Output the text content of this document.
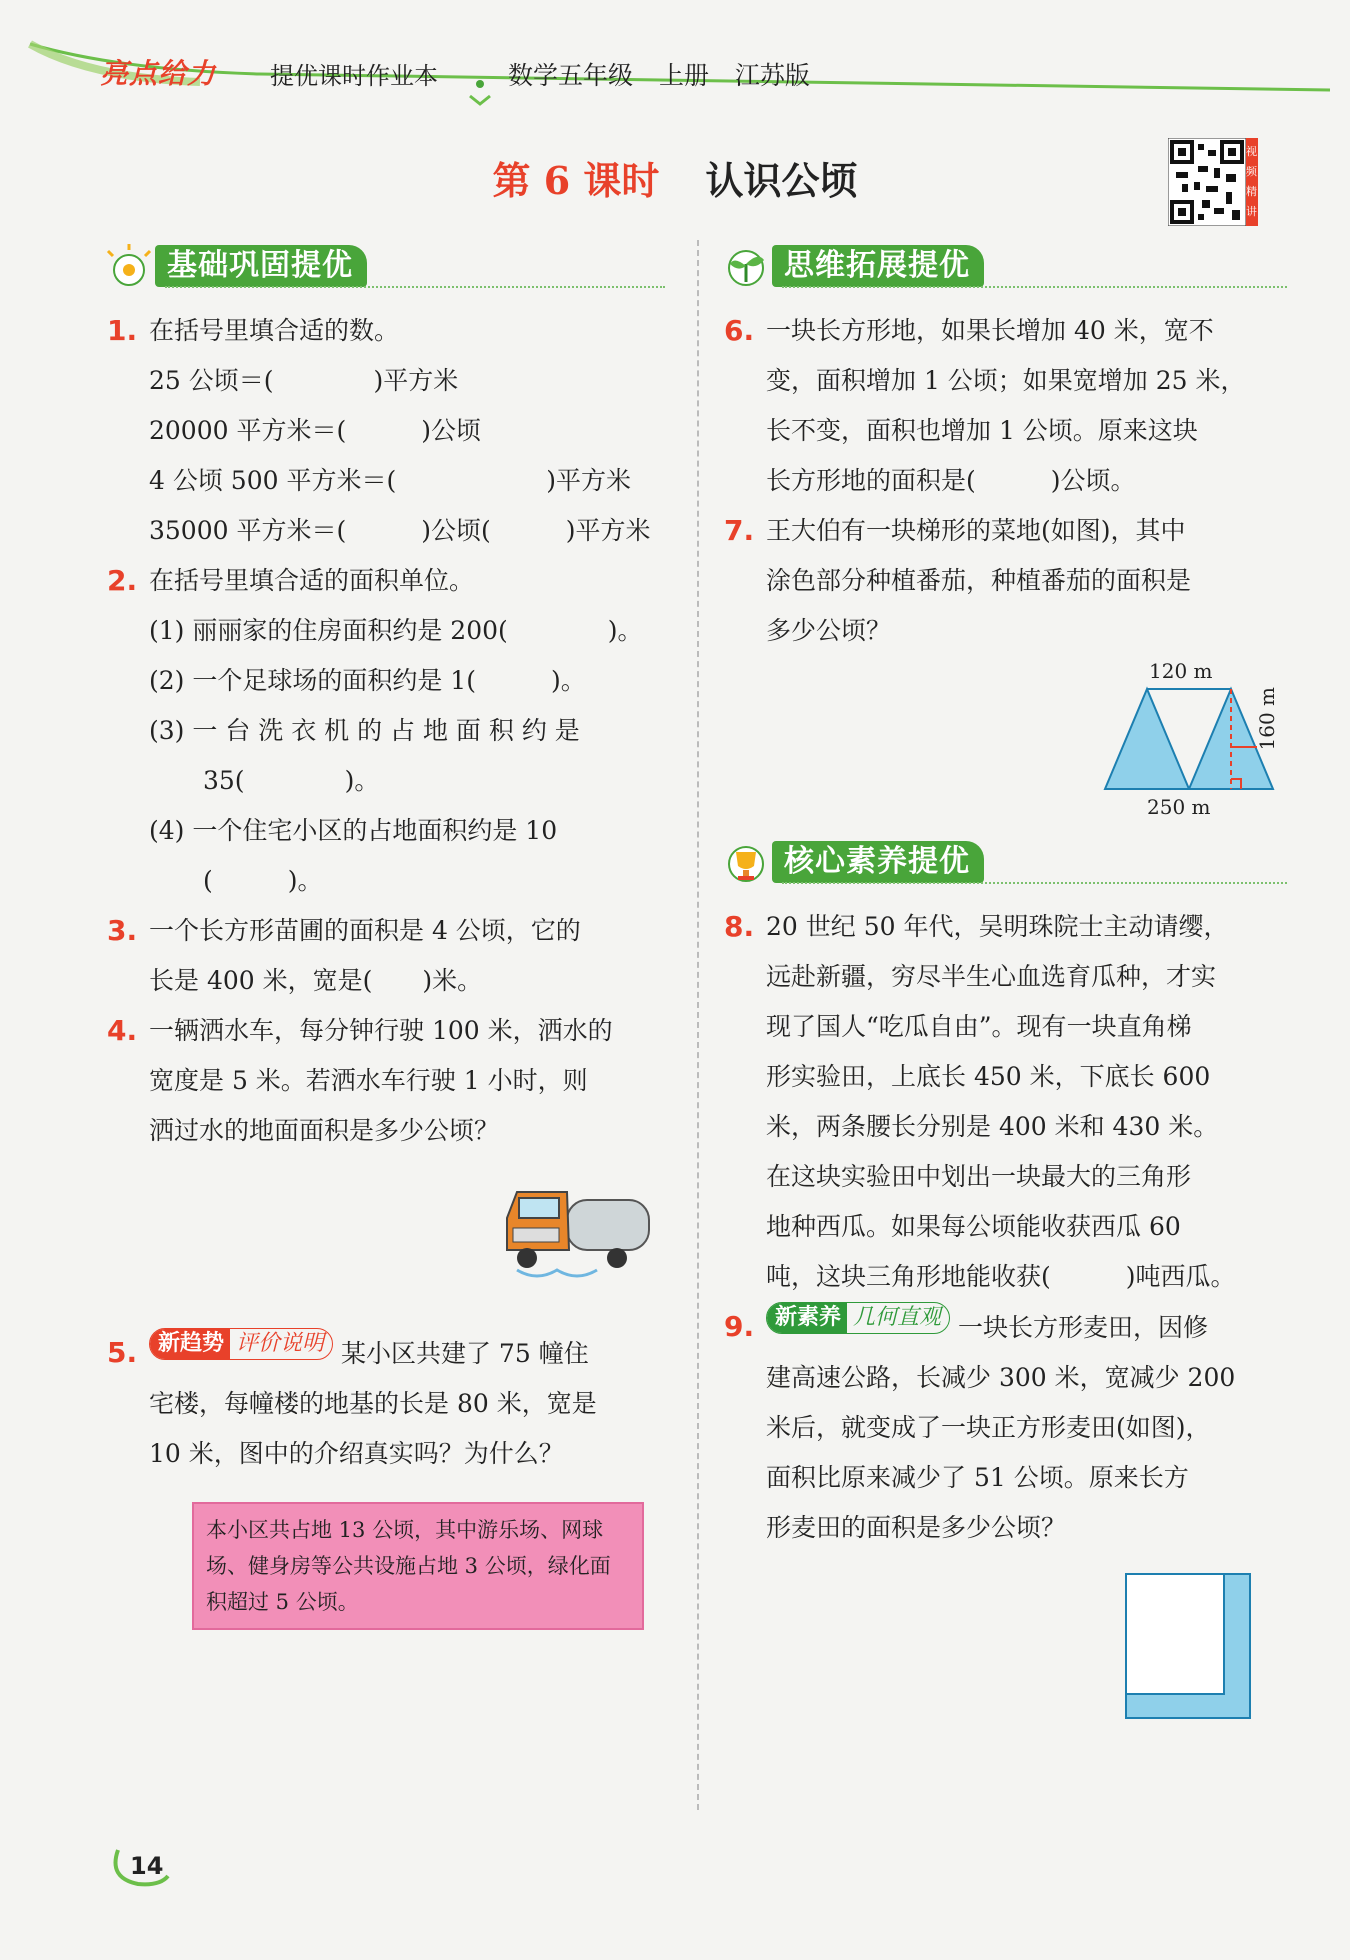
亮点给力 提优课时作业本	数学五年级 上册 江苏版
第 6 课时 认识公顷
视频精讲
基础巩固提优
1. 在括号里填合适的数。
25 公顷＝(　　　　)平方米
20000 平方米＝(　　　)公顷
4 公顷 500 平方米＝(　　　　　　)平方米
35000 平方米＝(　　　)公顷(　　　)平方米
2. 在括号里填合适的面积单位。
(1) 丽丽家的住房面积约是 200(　　　　)。
(2) 一个足球场的面积约是 1(　　　)。
(3) 一 台 洗 衣 机 的 占 地 面 积 约 是
35(　　　　)。
(4) 一个住宅小区的占地面积约是 10
(　　　)。
3. 一个长方形苗圃的面积是 4 公顷，它的
长是 400 米，宽是(　　)米。
4. 一辆洒水车，每分钟行驶 100 米，洒水的
宽度是 5 米。若洒水车行驶 1 小时，则
洒过水的地面面积是多少公顷？
5. 新趋势 评价说明 某小区共建了 75 幢住
宅楼，每幢楼的地基的长是 80 米，宽是
10 米，图中的介绍真实吗？为什么？
本小区共占地 13 公顷，其中游乐场、网球场、健身房等公共设施占地 3 公顷，绿化面积超过 5 公顷。
思维拓展提优
6. 一块长方形地，如果长增加 40 米，宽不
变，面积增加 1 公顷；如果宽增加 25 米，
长不变，面积也增加 1 公顷。原来这块
长方形地的面积是(　　　)公顷。
7. 王大伯有一块梯形的菜地(如图)，其中
涂色部分种植番茄，种植番茄的面积是
多少公顷？
120 m
160 m
250 m
核心素养提优
8. 20 世纪 50 年代，吴明珠院士主动请缨，
远赴新疆，穷尽半生心血选育瓜种，才实
现了国人“吃瓜自由”。现有一块直角梯
形实验田，上底长 450 米，下底长 600
米，两条腰长分别是 400 米和 430 米。
在这块实验田中划出一块最大的三角形
地种西瓜。如果每公顷能收获西瓜 60
吨，这块三角形地能收获(　　　)吨西瓜。
9. 新素养 几何直观 一块长方形麦田，因修
建高速公路，长减少 300 米，宽减少 200
米后，就变成了一块正方形麦田(如图)，
面积比原来减少了 51 公顷。原来长方
形麦田的面积是多少公顷？
14
